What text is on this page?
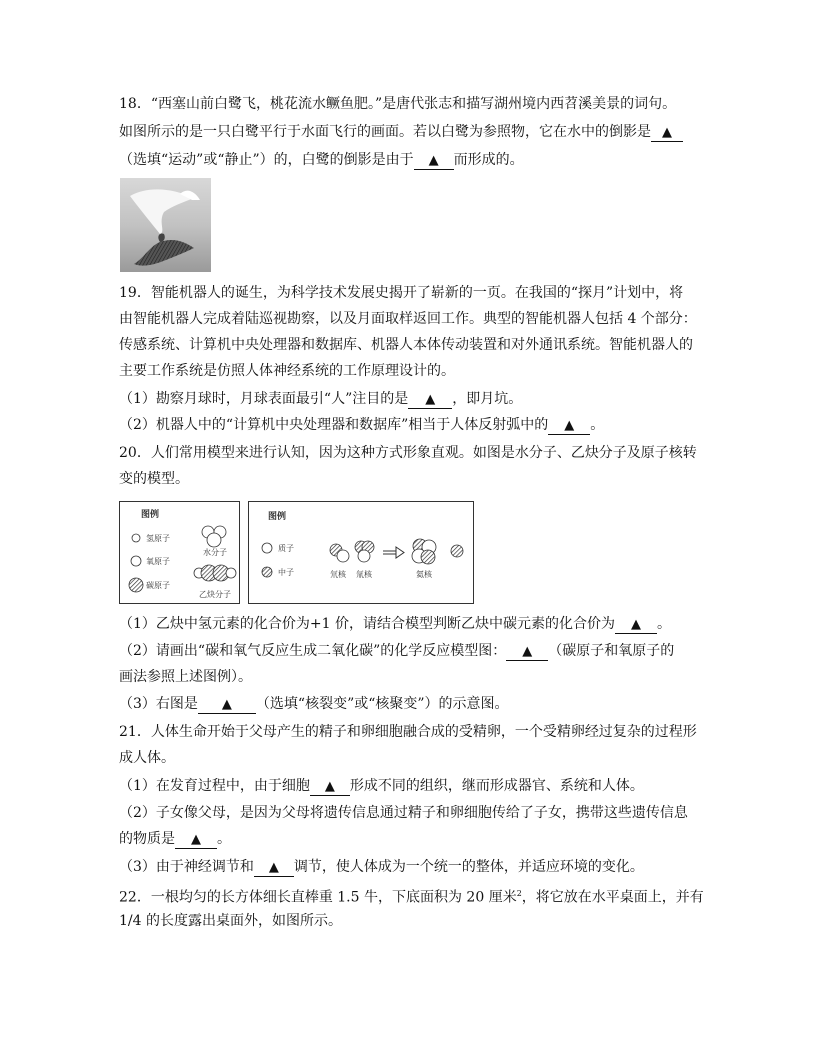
18．“西塞山前白鹭飞，桃花流水鳜鱼肥。”是唐代张志和描写湖州境内西苕溪美景的词句。
如图所示的是一只白鹭平行于水面飞行的画面。若以白鹭为参照物，它在水中的倒影是 ▲
（选填“运动”或“静止”）的，白鹭的倒影是由于 ▲ 而形成的。
19．智能机器人的诞生，为科学技术发展史揭开了崭新的一页。在我国的“探月”计划中，将
由智能机器人完成着陆巡视勘察，以及月面取样返回工作。典型的智能机器人包括 4 个部分：
传感系统、计算机中央处理器和数据库、机器人本体传动装置和对外通讯系统。智能机器人的
主要工作系统是仿照人体神经系统的工作原理设计的。
（1）勘察月球时，月球表面最引“人”注目的是 ▲ ，即月坑。
（2）机器人中的“计算机中央处理器和数据库”相当于人体反射弧中的 ▲ 。
20．人们常用模型来进行认知，因为这种方式形象直观。如图是水分子、乙炔分子及原子核转
变的模型。
图例
氢原子
氧原子
碳原子
水分子
乙炔分子
图例
质子
中子	氘核 氚核	氦核
（1）乙炔中氢元素的化合价为+1 价，请结合模型判断乙炔中碳元素的化合价为 ▲ 。
（2）请画出“碳和氧气反应生成二氧化碳”的化学反应模型图： ▲ （碳原子和氧原子的
画法参照上述图例）。
（3）右图是 ▲ （选填“核裂变”或“核聚变”）的示意图。
21．人体生命开始于父母产生的精子和卵细胞融合成的受精卵，一个受精卵经过复杂的过程形
成人体。
（1）在发育过程中，由于细胞 ▲ 形成不同的组织，继而形成器官、系统和人体。
（2）子女像父母，是因为父母将遗传信息通过精子和卵细胞传给了子女，携带这些遗传信息
的物质是 ▲ 。
（3）由于神经调节和 ▲ 调节，使人体成为一个统一的整体，并适应环境的变化。
22．一根均匀的长方体细长直棒重 1.5 牛，下底面积为 20 厘米$^2$，将它放在水平桌面上，并有
1/4 的长度露出桌面外，如图所示。
